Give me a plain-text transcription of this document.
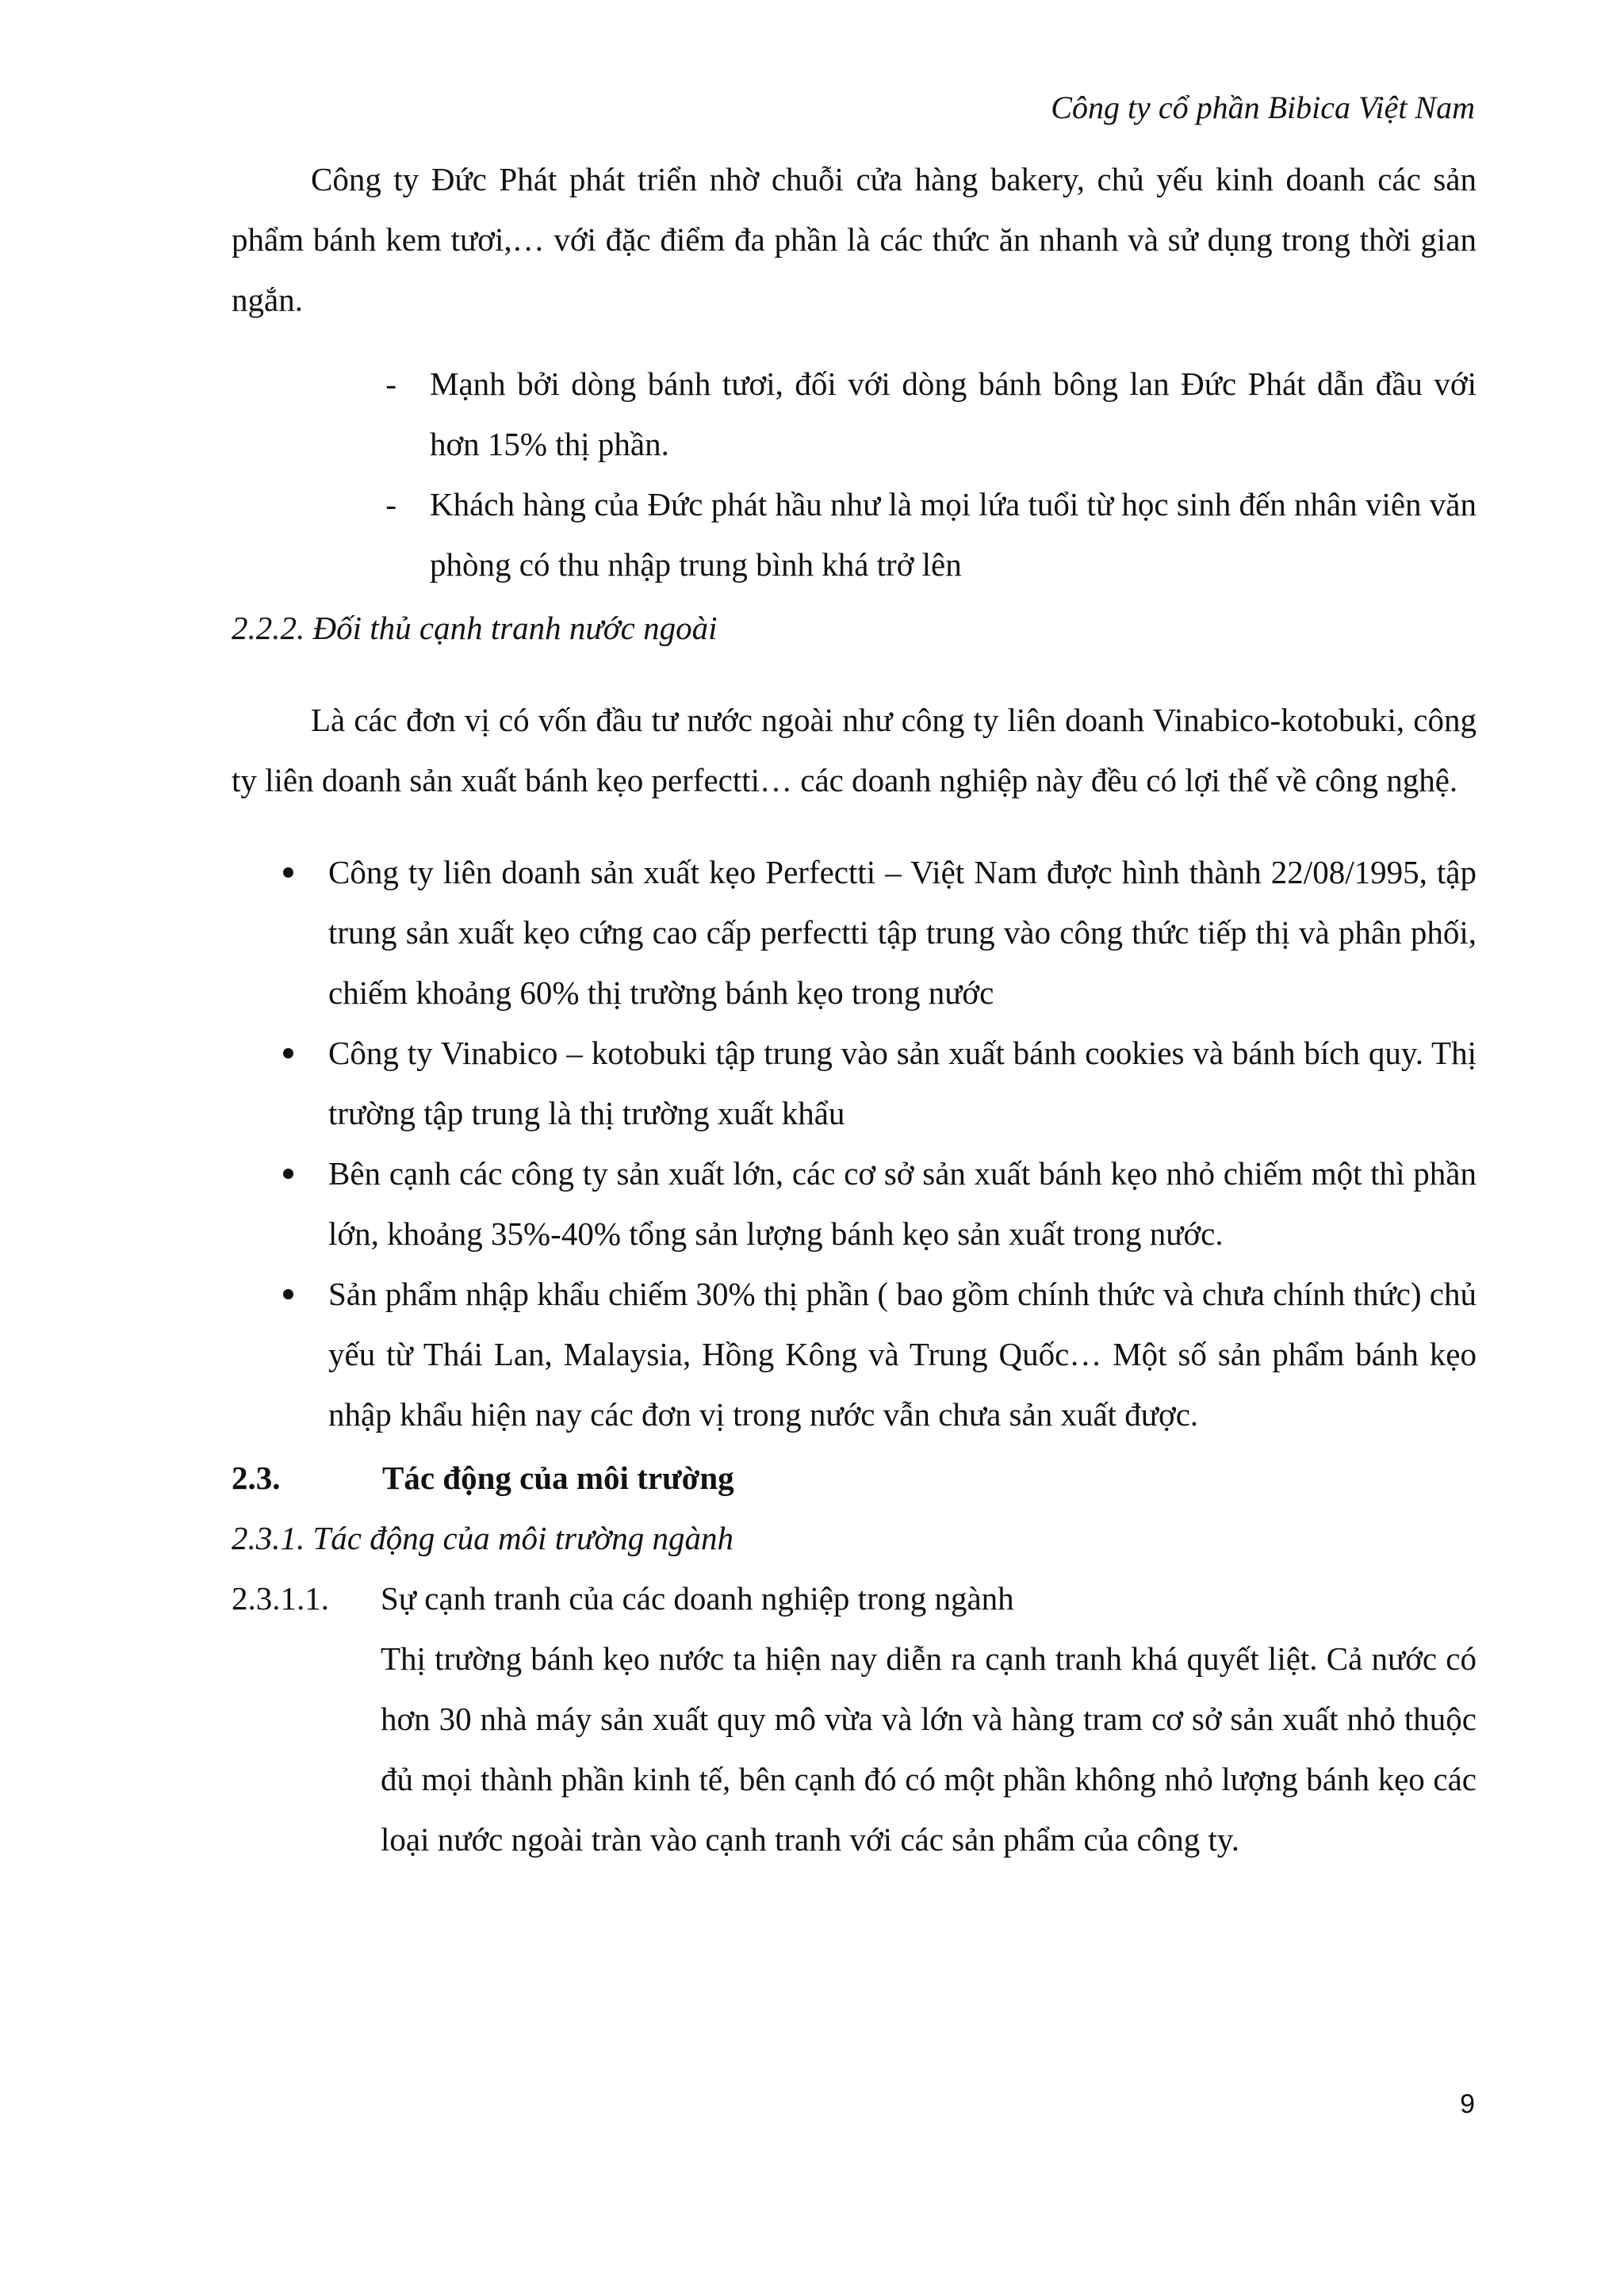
Công ty cổ phần Bibica Việt Nam

Công ty Đức Phát phát triển nhờ chuỗi cửa hàng bakery, chủ yếu kinh doanh các sản phẩm bánh kem tươi,… với đặc điểm đa phần là các thức ăn nhanh và sử dụng trong thời gian ngắn.

-	Mạnh bởi dòng bánh tươi, đối với dòng bánh bông lan Đức Phát dẫn đầu với hơn 15% thị phần.
-	Khách hàng của Đức phát hầu như là mọi lứa tuổi từ học sinh đến nhân viên văn phòng có thu nhập trung bình khá trở lên

2.2.2. Đối thủ cạnh tranh nước ngoài

Là các đơn vị có vốn đầu tư nước ngoài như công ty liên doanh Vinabico-kotobuki, công ty liên doanh sản xuất bánh kẹo perfectti… các doanh nghiệp này đều có lợi thế về công nghệ.

Công ty liên doanh sản xuất kẹo Perfectti – Việt Nam được hình thành 22/08/1995, tập trung sản xuất kẹo cứng cao cấp perfectti tập trung vào công thức tiếp thị và phân phối, chiếm khoảng 60% thị trường bánh kẹo trong nước
Công ty Vinabico – kotobuki tập trung vào sản xuất bánh cookies và bánh bích quy. Thị trường tập trung là thị trường xuất khẩu
Bên cạnh các công ty sản xuất lớn, các cơ sở sản xuất bánh kẹo nhỏ chiếm một thì phần lớn, khoảng 35%-40% tổng sản lượng bánh kẹo sản xuất trong nước.
Sản phẩm nhập khẩu chiếm 30% thị phần ( bao gồm chính thức và chưa chính thức) chủ yếu từ Thái Lan, Malaysia, Hồng Kông và Trung Quốc… Một số sản phẩm bánh kẹo nhập khẩu hiện nay các đơn vị trong nước vẫn chưa sản xuất được.
2.3.	Tác động của môi trường

2.3.1. Tác động của môi trường ngành

2.3.1.1.	Sự cạnh tranh của các doanh nghiệp trong ngành

Thị trường bánh kẹo nước ta hiện nay diễn ra cạnh tranh khá quyết liệt. Cả nước có hơn 30 nhà máy sản xuất quy mô vừa và lớn và hàng tram cơ sở sản xuất nhỏ thuộc đủ mọi thành phần kinh tế, bên cạnh đó có một phần không nhỏ lượng bánh kẹo các loại nước ngoài tràn vào cạnh tranh với các sản phẩm của công ty.

9
